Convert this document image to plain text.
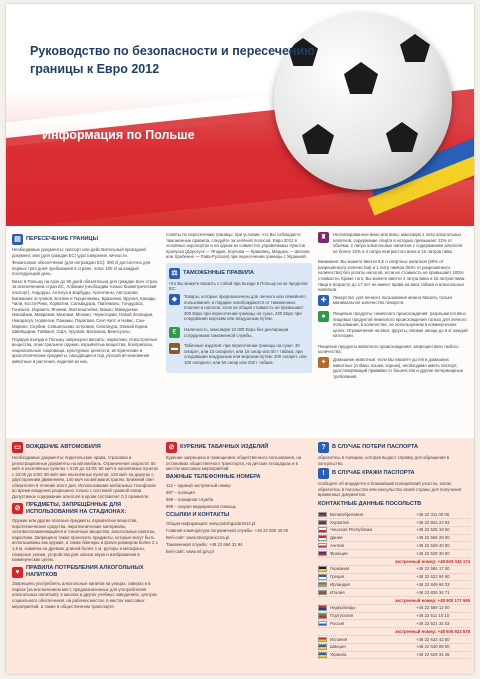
Руководство по безопасности и пересечению границы к Евро 2012
Информация по Польше
▤ ПЕРЕСЕЧЕНИЕ ГРАНИЦЫ

Необходимые документы: паспорт или действительный проездной документ, или (для граждан ЕС) удостоверение личности.

Финансовое обеспечение (для неграждан ЕС): 300 zł достаточно для первых трёх дней пребывания в стране, плюс 100 zł за каждый последующий день.

Виза: в Польшу на срок до 90 дней обязательна для граждан всех стран, за исключением стран ЕС, Албании (необходим только биометрический паспорт), Андорры, Антигуа и Барбуды, Аргентины, Австралии, Багамских островов, Боснии и Герцеговины, Бразилии, Брунея, Канады, Чили, Коста-Рики, Хорватии, Сальвадора, Гватемалы, Гондураса, Гонконга, Израиля, Японии, Лихтенштейна, Макао, Македонии, Малайзии, Маврикия, Мексики, Монако, Черногории, Новой Зеландии, Никарагуа, Норвегии, Панамы, Парагвая, Сент-Китс и Невис, Сан-Марино, Сербии, Сейшельских островов, Сингапура, Южной Кореи, Швейцарии, Тайваня, США, Уругвая, Ватикана, Венесуэлы.

Порядок въезда в Польшу запрещено ввозить: наркотики, психотропные вещества, огнестрельное оружие, взрывчатые вещества, боеприпасы, национальные сокровища, культурные ценности, исторические и археологические предметы, находящиеся под угрозой исчезновения животные и растения, изделия из них.

Советы по пересечению границы: при условии, что Вы соблюдаете таможенные правила, следуйте за зелёной полосой. Евро 2012 в основных аэропортах и на одном из совместно управляемых пунктов пропуска (Дорогуск — Ягодин, Корчова — Краковец, Медыка — Шегини или Хребенне — Рава-Русская) при пересечении границы с Украиной.

⚖ ТАМОЖЕННЫЕ ПРАВИЛА

Что Вы можете ввозить с собой при въезде в Польшу из-за пределов ЕС:

◆	Товары, которые предназначены для личного или семейного пользования, и подарки освобождаются от таможенных пошлин и налогов, если их общая стоимость не превышает: 300 Евро при пересечении границы на суше, 430 Евро при следовании морским или воздушным путём.

€	Наличность, максимум 10 000 Евро без декларации сотрудникам таможенной службы.

▬	Табачные изделия: при пересечении границы на суше: 40 сигарет, или 10 сигарилл, или 10 сигар или 50 г табака; при следовании воздушным или морским путём: 200 сигарет, или 100 сигарилл, или 50 сигар или 250 г табака.

♜	Неэтилированное вино или вино: максимум 1 литр алкогольных напитков, содержание спирта в которых превышает 22% от объёма, 2 литра алкогольных напитков с содержанием алкоголя не более 22% и 4 литра неигристого вина и 16 литров пива.

Внимание: Вы можете ввезти 0,5 л спиртных напитков (50% от разрешённого количества) и 1 литр ликёра (50% от разрешённого количества) без уплаты налогов, если их стоимость не превышает 100% стоимости. Кроме того, Вы можете ввезти 4 литра вина и 16 литров пива. Лица в возрасте до 17 лет не имеют права на ввоз табака и алкогольных напитков.

✚	Лекарства: для личного пользования можно ввозить только минимальное количество лекарств.

●	Пищевые продукты: немясного происхождения: разрешается ввоз пищевых продуктов немясного происхождения только для личного пользования, в количестве, не используемом в коммерческих целях. Ограничение на ввоз: фрукты, свежие овощи до 5 кг каждой категории.

Пищевые продукты животного происхождения: запрещён ввоз любого количества.

✦	Домашние животные: если Вы ввозите до пяти домашних животных (собаки, кошки, хорьки), необходимо иметь паспорт, удостоверяющий прививки от бешенства и другие ветеринарные требования.

▭ ВОЖДЕНИЕ АВТОМОБИЛЯ

Необходимые документы: водительские права, страховка и регистрационные документы на автомобиль. Ограничения скорости: 50 км/ч в населённых пунктах с 5:00 до 23:00; 60 км/ч в населённых пунктах с 23:00 до 5:00; 90 км/ч вне населённых пунктов, 120 км/ч на дорогах с двусторонним движением, 140 км/ч на автомагистралях. Ближний свет обязателен в течение всего дня. Использование мобильных телефонов во время вождения разрешено только с системой громкой связи. Допустимое содержание алкоголя в крови составляет 0,2 промилле.

⊘
ПРЕДМЕТЫ, ЗАПРЕЩЁННЫЕ ДЛЯ ИСПОЛЬЗОВАНИЯ НА СТАДИОНАХ:

Оружие или другие опасные предметы, взрывчатые вещества, пиротехнические средства, пиротехнические материалы, легковоспламеняющиеся и токсичные вещества, алкогольные напитки, наркотики. Запрещено также проносить предметы, которые могут быть использованы как оружие, а также баннеры и флаги размером более 2 x 1,5 м, знамёна на древках длиной более 1 м, рупоры и мегафоны, лазерные указки, устройства для записи звука и изображения в коммерческих целях.

♥
ПРАВИЛА ПОТРЕБЛЕНИЯ АЛКОГОЛЬНЫХ НАПИТКОВ

Запрещено употреблять алкогольные напитки на улицах, скверах и в парках (за исключением мест, предназначенных для употребления алкогольных напитков), в школах и других учебных заведениях, центрах социального обеспечения, на рабочих местах, в местах массовых мероприятий, а также в общественном транспорте.

⊘ КУРЕНИЕ ТАБАЧНЫХ ИЗДЕЛИЙ

Курение запрещено в помещениях общественного пользования, на остановках общественного транспорта, на детских площадках и в местах массовых мероприятий.

ВАЖНЫЕ ТЕЛЕФОННЫЕ НОМЕРА

112 – единый экстренный номер

997 – полиция

998 – пожарная служба

999 – скорая медицинская помощь

ССЫЛКИ И КОНТАКТЫ

Общая информация: www.polishguide2012.pl

Главная комендатура пограничной службы: +48 22 500 40 00

Веб-сайт: www.strazgraniczna.pl

Таможенная служба: +48 22 694 31 94

Веб-сайт: www.mf.gov.pl

?	В СЛУЧАЕ ПОТЕРИ ПАСПОРТА

обратитесь в полицию, которая выдаст справку для обращения в консульство.

!	В СЛУЧАЕ КРАЖИ ПАСПОРТА

сообщите об инциденте в ближайший полицейский участок, затем обратитесь в посольство или консульство своей страны для получения временных документов.

КОНТАКТНЫЕ ДАННЫЕ ПОСОЛЬСТВ
Великобритания	+48 22 311 00 00
Хорватия	+48 22 844 23 93
Чешская Республика	+48 22 525 18 50
Дания	+48 22 565 29 00
Англия	+48 22 529 40 00
Франция	+48 22 529 30 00
экстренный номер: +48 603 342 174
Германия	+48 22 584 17 00
Греция	+48 22 622 94 60
Ирландия	+48 22 849 66 33
Италия	+48 22 826 34 71
экстренный номер: +48 500 177 555
Нидерланды	+48 22 559 12 00
Португалия	+48 22 511 10 10
Россия	+48 22 621 34 53
экстренный номер: +48 605 922 578
Испания	+48 22 622 42 50
Швеция	+48 22 640 89 00
Украина	+48 22 629 34 46
